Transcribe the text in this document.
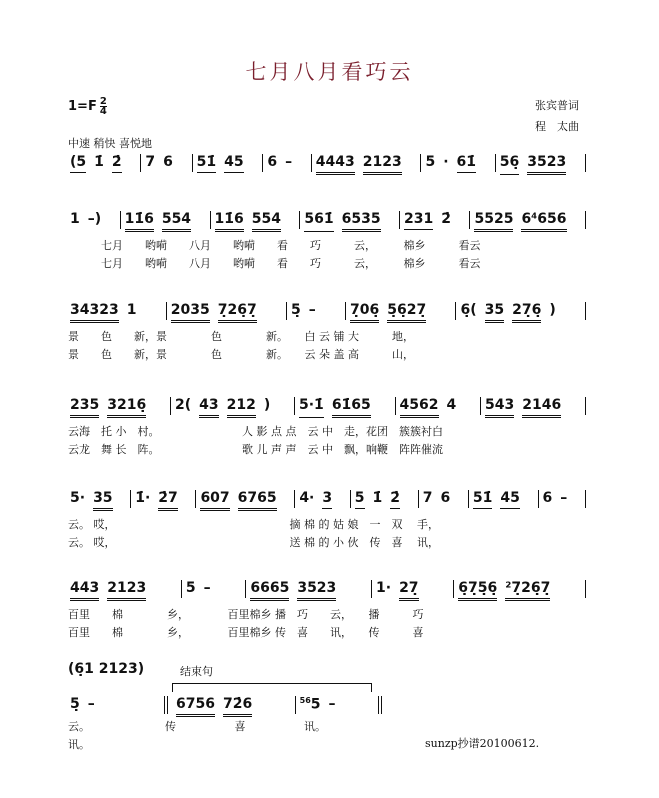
七月八月看巧云
$1=F \frac{2}{4}$	张宾普词
程　太曲
中速 稍快 喜悦地
(5 1̇ 2̇ 7 6 51̇ 45 6 – 4443 2123 5 · 61̇ 56̣ 3523
1 –) 11̇6 554 11̇6 554 561̇ 6535 231 2̇ 5525 6⁴656
　　　七月　　哟嗬　　八月　　哟嗬　　看　　巧　　　云，　　　棉乡　　　看云
　　　七月　　哟嗬　　八月　　哟嗬　　看　　巧　　　云，　　　棉乡　　　看云
34323 1 2035 7̣26̣7̣ 5̣ – 7̣06̣ 5̣6̣27̣ 6̣( 35 27̣6̣ )
景　　色　　新，景　　　　色　　　　新。　　白 云 铺 大　　　地，
景　　色　　新，景　　　　色　　　　新。　　云 朵 盖 高　　　山，
235 3216̣ 2( 43 212 ) 5·1̇ 61̇65 4562 4 543 2146
云海　托 小　村。　　　　　　　　人 影 点 点　云 中　走，花团　簇簇衬白
云龙　舞 长　阵。　　　　　　　　歌 儿 声 声　云 中　飘，响鞭　阵阵催流
5· 35 1̇· 2̇7 607 6765 4· 3 5 1̇ 2̇ 7 6 51̇ 45 6 –
云。 哎，　　　　　　　　　　　　　　　　 摘 棉 的 姑 娘　一　双　 手，
云。 哎，　　　　　　　　　　　　　　　　 送 棉 的 小 伙　传　喜　 讯，
443 2123	5 –	6665 3523	1· 27̣	6̣7̣5̣6̣ ²7̣26̣7̣
百里　　棉　　　　乡，　　　　百里棉乡 播　巧　　云，　　播　　　巧
百里　　棉　　　　乡，　　　　百里棉乡 传　喜　　讯，　　传　　　喜
(6̣1 2123)	结束句
5̣ –	6756 72̇6	$^{56}$5 –
云。　　　　　　　 传　　　　　 喜　　　　　 讯。
讯。	sunzp抄谱20100612.
